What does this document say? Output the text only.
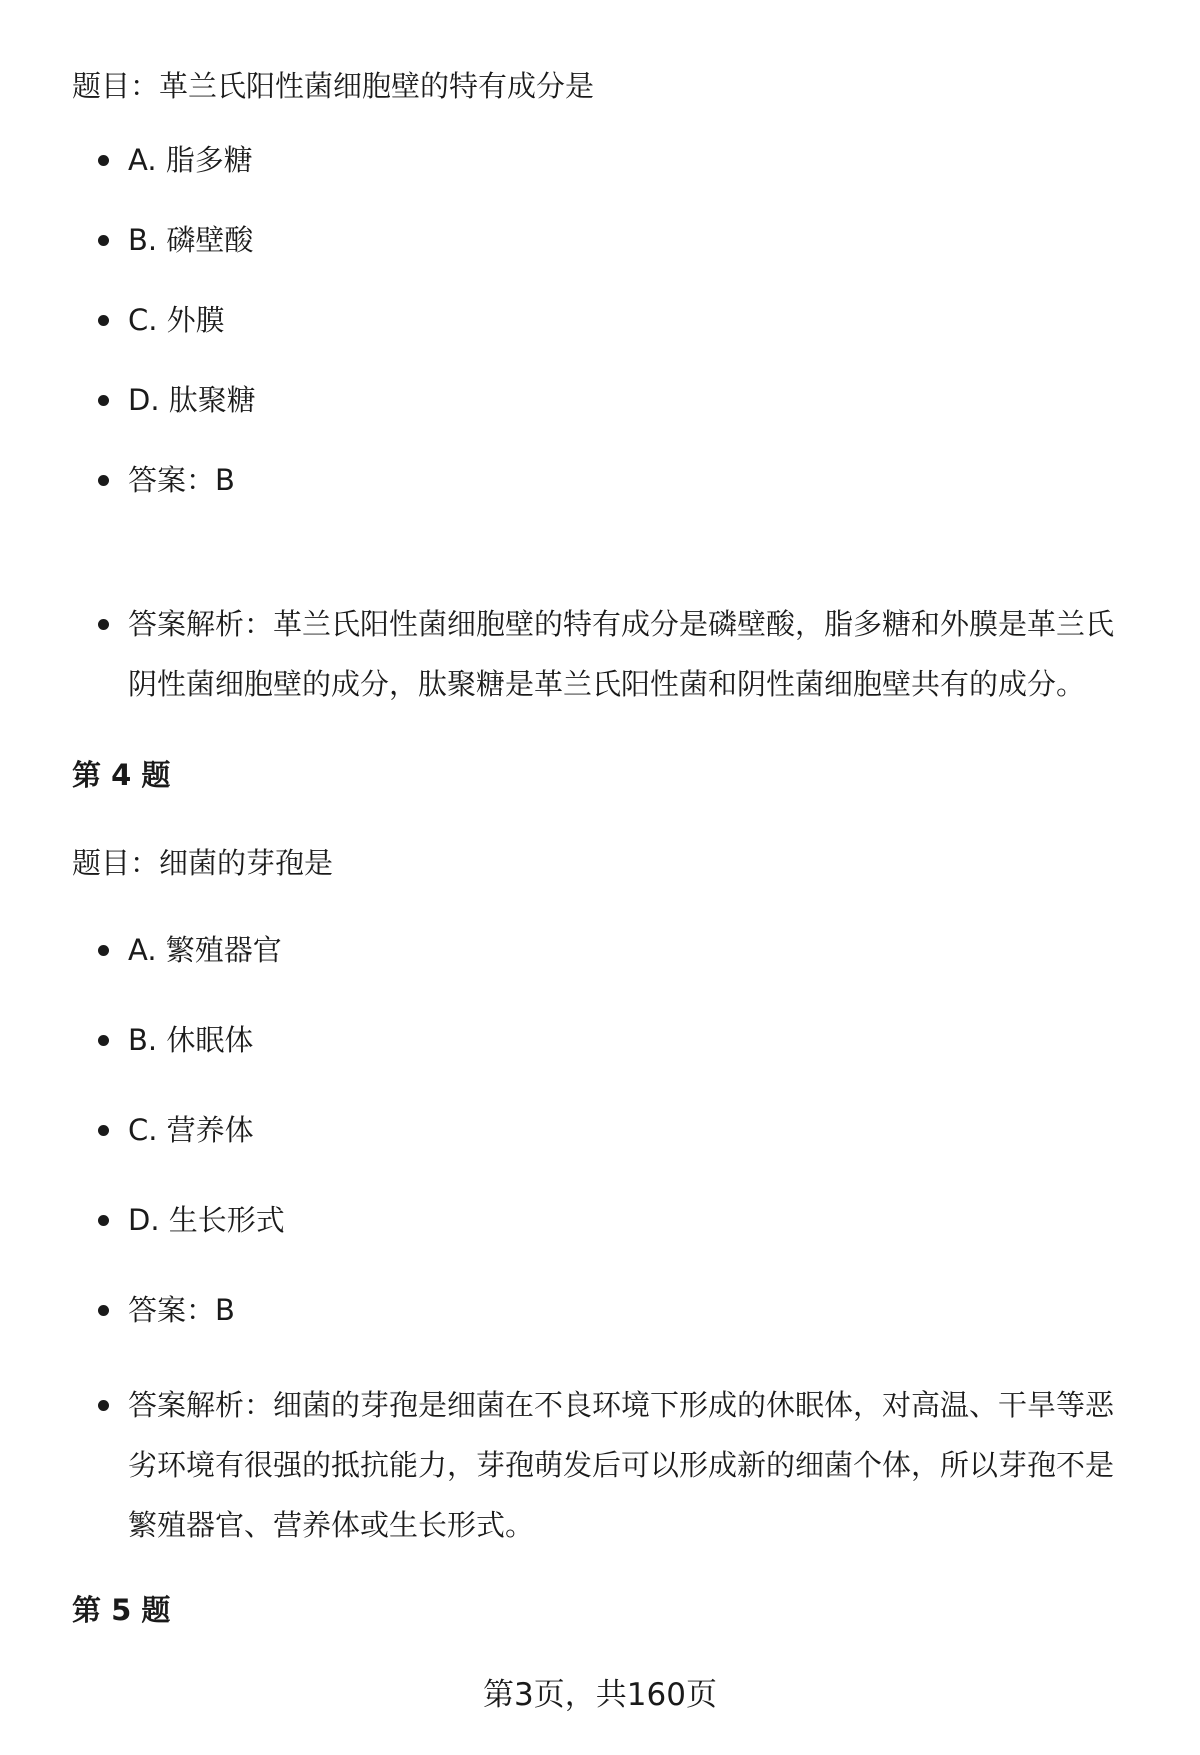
题目：革兰氏阳性菌细胞壁的特有成分是
A. 脂多糖
B. 磷壁酸
C. 外膜
D. 肽聚糖
答案：B
答案解析：革兰氏阳性菌细胞壁的特有成分是磷壁酸，脂多糖和外膜是革兰氏阴性菌细胞壁的成分，肽聚糖是革兰氏阳性菌和阴性菌细胞壁共有的成分。
第 4 题
题目：细菌的芽孢是
A. 繁殖器官
B. 休眠体
C. 营养体
D. 生长形式
答案：B
答案解析：细菌的芽孢是细菌在不良环境下形成的休眠体，对高温、干旱等恶劣环境有很强的抵抗能力，芽孢萌发后可以形成新的细菌个体，所以芽孢不是繁殖器官、营养体或生长形式。
第 5 题
第3页，共160页
